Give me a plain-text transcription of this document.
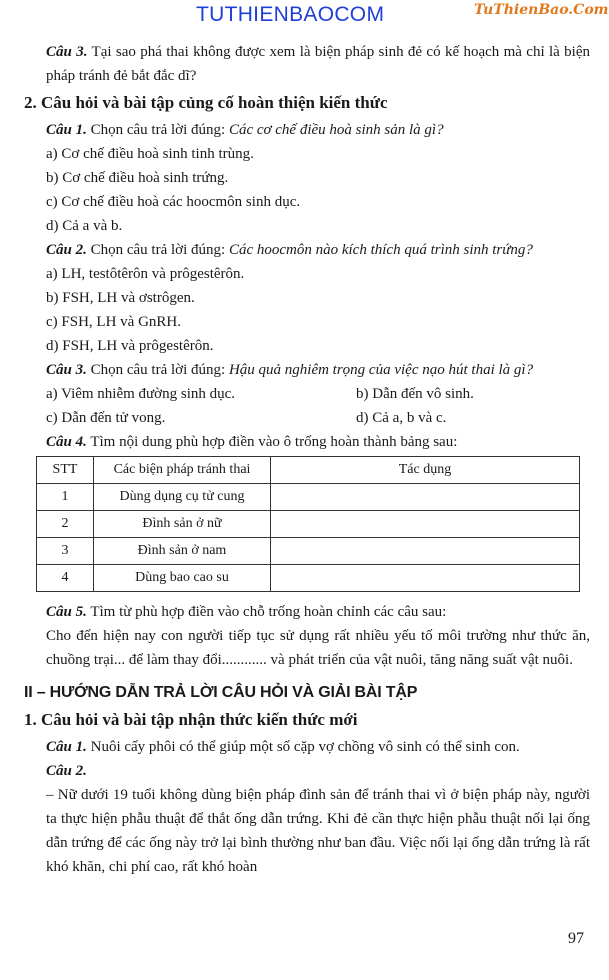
TUTHIENBAOCOM	TuThienBao.Com

Câu 3. Tại sao phá thai không được xem là biện pháp sinh đẻ có kế hoạch mà chỉ là biện pháp tránh đẻ bắt đắc dĩ?

2. Câu hỏi và bài tập củng cố hoàn thiện kiến thức

Câu 1. Chọn câu trả lời đúng: Các cơ chế điều hoà sinh sản là gì?

a) Cơ chế điều hoà sinh tinh trùng.

b) Cơ chế điều hoà sinh trứng.

c) Cơ chế điều hoà các hoocmôn sinh dục.

d) Cả a và b.

Câu 2. Chọn câu trả lời đúng: Các hoocmôn nào kích thích quá trình sinh trứng?

a) LH, testôtêrôn và prôgestêrôn.

b) FSH, LH và ơstrôgen.

c) FSH, LH và GnRH.

d) FSH, LH và prôgestêrôn.

Câu 3. Chọn câu trả lời đúng: Hậu quả nghiêm trọng của việc nạo hút thai là gì?

a) Viêm nhiễm đường sinh dục.	b) Dẫn đến vô sinh.

c) Dẫn đến tử vong.	d) Cả a, b và c.

Câu 4. Tìm nội dung phù hợp điền vào ô trống hoàn thành bảng sau:

STT	Các biện pháp tránh thai	Tác dụng
1	Dùng dụng cụ tử cung	
2	Đình sản ở nữ	
3	Đình sản ở nam	
4	Dùng bao cao su	

Câu 5. Tìm từ phù hợp điền vào chỗ trống hoàn chỉnh các câu sau:

Cho đến hiện nay con người tiếp tục sử dụng rất nhiều yếu tố môi trường như thức ăn, chuồng trại... để làm thay đổi............ và phát triển của vật nuôi, tăng năng suất vật nuôi.

II – HƯỚNG DẪN TRẢ LỜI CÂU HỎI VÀ GIẢI BÀI TẬP
1. Câu hỏi và bài tập nhận thức kiến thức mới

Câu 1. Nuôi cấy phôi có thể giúp một số cặp vợ chồng vô sinh có thể sinh con.

Câu 2.

– Nữ dưới 19 tuổi không dùng biện pháp đình sản để tránh thai vì ở biện pháp này, người ta thực hiện phẫu thuật để thắt ống dẫn trứng. Khi đẻ cần thực hiện phẫu thuật nối lại ống dẫn trứng để các ống này trở lại bình thường như ban đầu. Việc nối lại ống dẫn trứng là rất khó khăn, chi phí cao, rất khó hoàn

97
